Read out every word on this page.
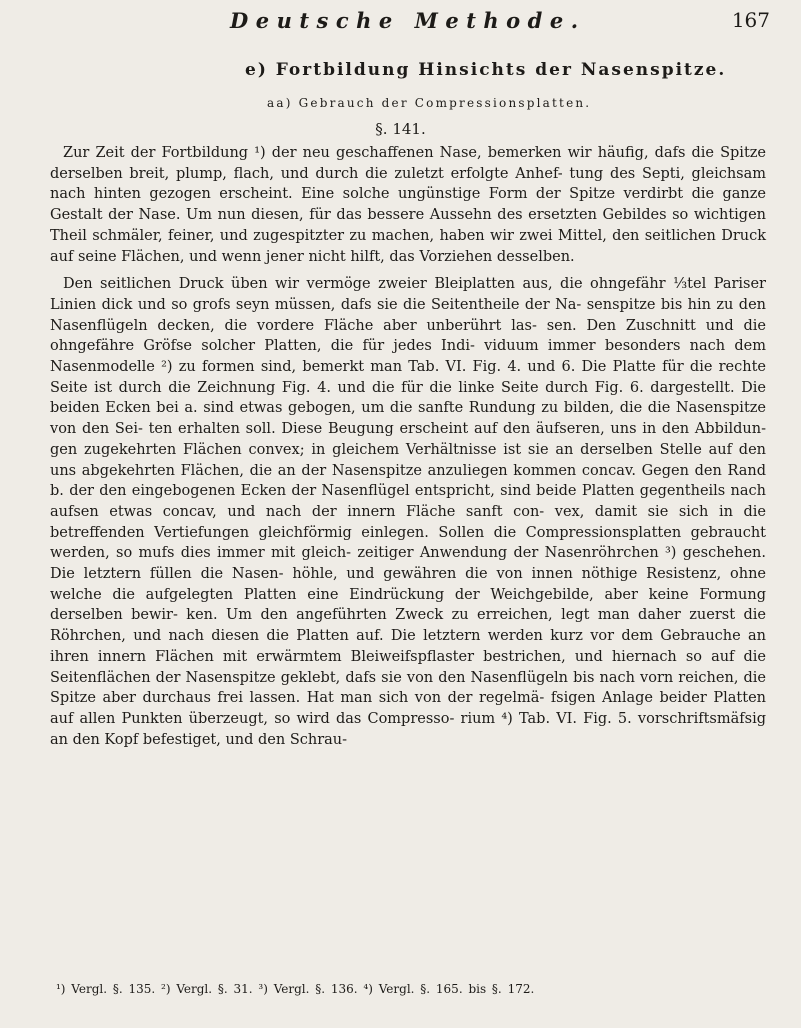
Deutsche Methode.	167
e) Fortbildung Hinsichts der Nasenspitze.
aa) Gebrauch der Compressionsplatten.
§. 141.

Zur Zeit der Fortbildung ¹) der neu geschaffenen Nase, bemerken wir häufig, dafs die Spitze derselben breit, plump, flach, und durch die zuletzt erfolgte Anhef- tung des Septi, gleichsam nach hinten gezogen erscheint. Eine solche ungünstige Form der Spitze verdirbt die ganze Gestalt der Nase. Um nun diesen, für das bessere Aussehn des ersetzten Gebildes so wichtigen Theil schmäler, feiner, und zugespitzter zu machen, haben wir zwei Mittel, den seitlichen Druck auf seine Flächen, und wenn jener nicht hilft, das Vorziehen desselben.

Den seitlichen Druck üben wir vermöge zweier Bleiplatten aus, die ohngefähr ⅓tel Pariser Linien dick und so grofs seyn müssen, dafs sie die Seitentheile der Na- senspitze bis hin zu den Nasenflügeln decken, die vordere Fläche aber unberührt las- sen. Den Zuschnitt und die ohngefähre Gröfse solcher Platten, die für jedes Indi- viduum immer besonders nach dem Nasenmodelle ²) zu formen sind, bemerkt man Tab. VI. Fig. 4. und 6. Die Platte für die rechte Seite ist durch die Zeichnung Fig. 4. und die für die linke Seite durch Fig. 6. dargestellt. Die beiden Ecken bei a. sind etwas gebogen, um die sanfte Rundung zu bilden, die die Nasenspitze von den Sei- ten erhalten soll. Diese Beugung erscheint auf den äufseren, uns in den Abbildun- gen zugekehrten Flächen convex; in gleichem Verhältnisse ist sie an derselben Stelle auf den uns abgekehrten Flächen, die an der Nasenspitze anzuliegen kommen concav. Gegen den Rand b. der den eingebogenen Ecken der Nasenflügel entspricht, sind beide Platten gegentheils nach aufsen etwas concav, und nach der innern Fläche sanft con- vex, damit sie sich in die betreffenden Vertiefungen gleichförmig einlegen. Sollen die Compressionsplatten gebraucht werden, so mufs dies immer mit gleich- zeitiger Anwendung der Nasenröhrchen ³) geschehen. Die letztern füllen die Nasen- höhle, und gewähren die von innen nöthige Resistenz, ohne welche die aufgelegten Platten eine Eindrückung der Weichgebilde, aber keine Formung derselben bewir- ken. Um den angeführten Zweck zu erreichen, legt man daher zuerst die Röhrchen, und nach diesen die Platten auf. Die letztern werden kurz vor dem Gebrauche an ihren innern Flächen mit erwärmtem Bleiweifspflaster bestrichen, und hiernach so auf die Seitenflächen der Nasenspitze geklebt, dafs sie von den Nasenflügeln bis nach vorn reichen, die Spitze aber durchaus frei lassen. Hat man sich von der regelmä- fsigen Anlage beider Platten auf allen Punkten überzeugt, so wird das Compresso- rium ⁴) Tab. VI. Fig. 5. vorschriftsmäfsig an den Kopf befestiget, und den Schrau-

¹) Vergl. §. 135. ²) Vergl. §. 31. ³) Vergl. §. 136. ⁴) Vergl. §. 165. bis §. 172.
